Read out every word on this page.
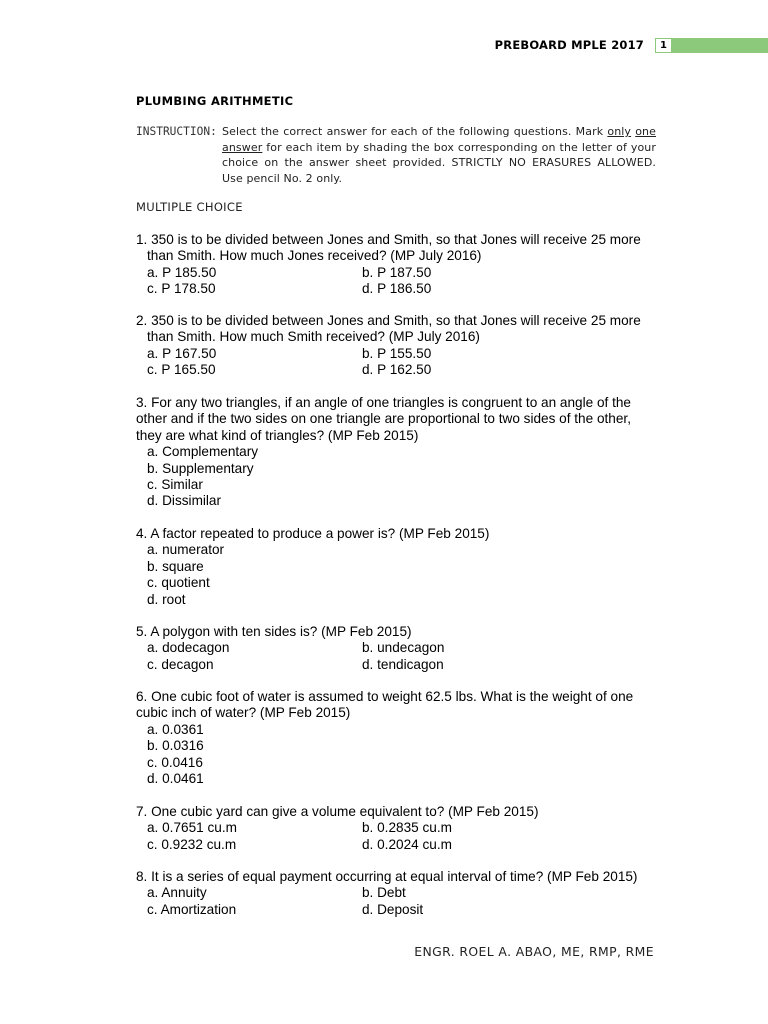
PREBOARD MPLE 2017	1
PLUMBING ARITHMETIC
INSTRUCTION: Select the correct answer for each of the following questions. Mark only one answer for each item by shading the box corresponding on the letter of your choice on the answer sheet provided. STRICTLY NO ERASURES ALLOWED. Use pencil No. 2 only.
MULTIPLE CHOICE
1. 350 is to be divided between Jones and Smith, so that Jones will receive 25 more
than Smith. How much Jones received? (MP July 2016)
a. P 185.50	b. P 187.50
c. P 178.50	d. P 186.50
2. 350 is to be divided between Jones and Smith, so that Jones will receive 25 more
than Smith. How much Smith received? (MP July 2016)
a. P 167.50	b. P 155.50
c. P 165.50	d. P 162.50
3. For any two triangles, if an angle of one triangles is congruent to an angle of the other and if the two sides on one triangle are proportional to two sides of the other, they are what kind of triangles? (MP Feb 2015)
a. Complementary
b. Supplementary
c. Similar
d. Dissimilar
4. A factor repeated to produce a power is? (MP Feb 2015)
a. numerator
b. square
c. quotient
d. root
5. A polygon with ten sides is? (MP Feb 2015)
a. dodecagon	b. undecagon
c. decagon	d. tendicagon
6. One cubic foot of water is assumed to weight 62.5 lbs. What is the weight of one cubic inch of water? (MP Feb 2015)
a. 0.0361
b. 0.0316
c. 0.0416
d. 0.0461
7. One cubic yard can give a volume equivalent to? (MP Feb 2015)
a. 0.7651 cu.m	b. 0.2835 cu.m
c. 0.9232 cu.m	d. 0.2024 cu.m
8. It is a series of equal payment occurring at equal interval of time? (MP Feb 2015)
a. Annuity	b. Debt
c. Amortization	d. Deposit
ENGR. ROEL A. ABAO, ME, RMP, RME
